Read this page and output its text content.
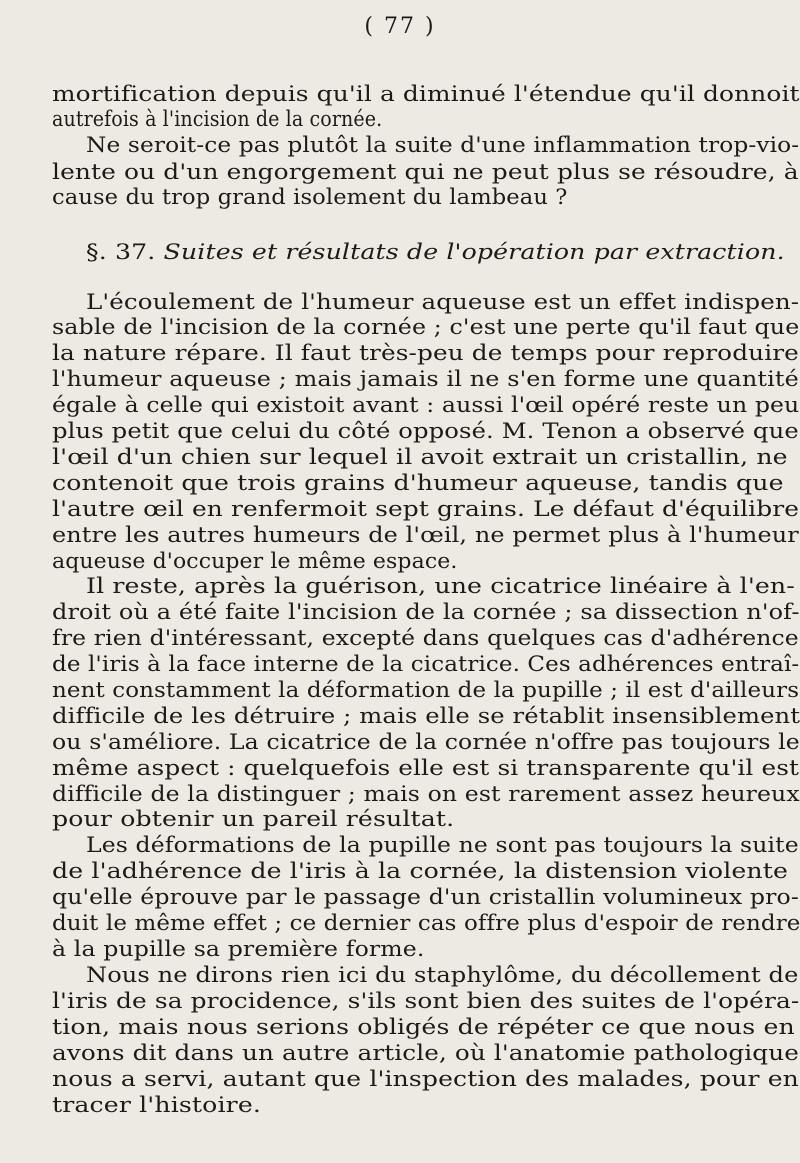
( 77 )
mortification depuis qu'il a diminué l'étendue qu'il donnoit
autrefois à l'incision de la cornée.
Ne seroit-ce pas plutôt la suite d'une inflammation trop-vio-
lente ou d'un engorgement qui ne peut plus se résoudre, à
cause du trop grand isolement du lambeau ?
§. 37. Suites et résultats de l'opération par extraction.
L'écoulement de l'humeur aqueuse est un effet indispen-
sable de l'incision de la cornée ; c'est une perte qu'il faut que
la nature répare. Il faut très-peu de temps pour reproduire
l'humeur aqueuse ; mais jamais il ne s'en forme une quantité
égale à celle qui existoit avant : aussi l'œil opéré reste un peu
plus petit que celui du côté opposé. M. Tenon a observé que
l'œil d'un chien sur lequel il avoit extrait un cristallin, ne
contenoit que trois grains d'humeur aqueuse, tandis que
l'autre œil en renfermoit sept grains. Le défaut d'équilibre
entre les autres humeurs de l'œil, ne permet plus à l'humeur
aqueuse d'occuper le même espace.
Il reste, après la guérison, une cicatrice linéaire à l'en-
droit où a été faite l'incision de la cornée ; sa dissection n'of-
fre rien d'intéressant, excepté dans quelques cas d'adhérence
de l'iris à la face interne de la cicatrice. Ces adhérences entraî-
nent constamment la déformation de la pupille ; il est d'ailleurs
difficile de les détruire ; mais elle se rétablit insensiblement
ou s'améliore. La cicatrice de la cornée n'offre pas toujours le
même aspect : quelquefois elle est si transparente qu'il est
difficile de la distinguer ; mais on est rarement assez heureux
pour obtenir un pareil résultat.
Les déformations de la pupille ne sont pas toujours la suite
de l'adhérence de l'iris à la cornée, la distension violente
qu'elle éprouve par le passage d'un cristallin volumineux pro-
duit le même effet ; ce dernier cas offre plus d'espoir de rendre
à la pupille sa première forme.
Nous ne dirons rien ici du staphylôme, du décollement de
l'iris de sa procidence, s'ils sont bien des suites de l'opéra-
tion, mais nous serions obligés de répéter ce que nous en
avons dit dans un autre article, où l'anatomie pathologique
nous a servi, autant que l'inspection des malades, pour en
tracer l'histoire.
